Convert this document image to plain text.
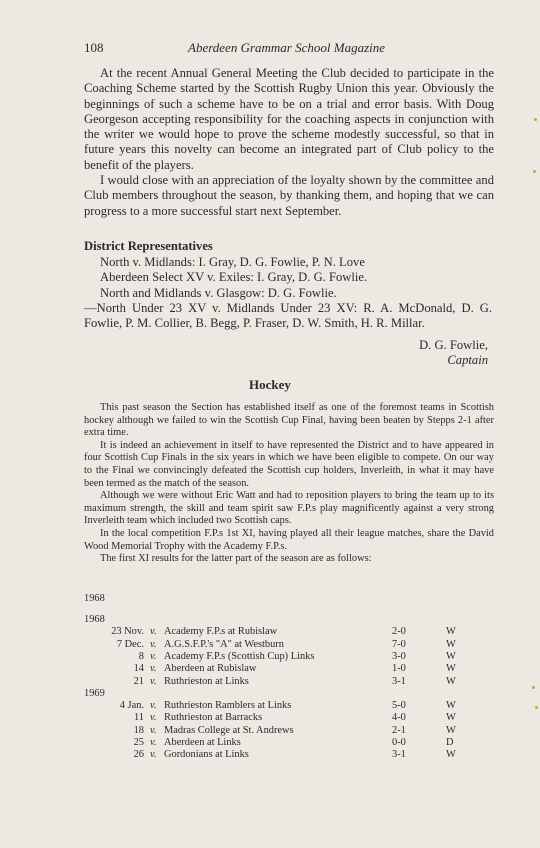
108	Aberdeen Grammar School Magazine

At the recent Annual General Meeting the Club decided to participate in the Coaching Scheme started by the Scottish Rugby Union this year. Obviously the beginnings of such a scheme have to be on a trial and error basis. With Doug Georgeson accepting responsibility for the coaching aspects in conjunction with the writer we would hope to prove the scheme modestly successful, so that in future years this novelty can become an integrated part of Club policy to the benefit of the players.

I would close with an appreciation of the loyalty shown by the committee and Club members throughout the season, by thanking them, and hoping that we can progress to a more successful start next September.

District Representatives
North v. Midlands: I. Gray, D. G. Fowlie, P. N. Love
Aberdeen Select XV v. Exiles: I. Gray, D. G. Fowlie.
North and Midlands v. Glasgow: D. G. Fowlie.
—North Under 23 XV v. Midlands Under 23 XV: R. A. McDonald, D. G. Fowlie, P. M. Collier, B. Begg, P. Fraser, D. W. Smith, H. R. Millar.
D. G. Fowlie,
Captain
Hockey

This past season the Section has established itself as one of the foremost teams in Scottish hockey although we failed to win the Scottish Cup Final, having been beaten by Stepps 2-1 after extra time.

It is indeed an achievement in itself to have represented the District and to have appeared in four Scottish Cup Finals in the six years in which we have been eligible to compete. On our way to the Final we convincingly defeated the Scottish cup holders, Inverleith, in what it may have been termed as the match of the season.

Although we were without Eric Watt and had to reposition players to bring the team up to its maximum strength, the skill and team spirit saw F.P.s play magnificently against a very strong Inverleith team which included two Scottish caps.

In the local competition F.P.s 1st XI, having played all their league matches, share the David Wood Memorial Trophy with the Academy F.P.s.

The first XI results for the latter part of the season are as follows:

1968
1968
23 Nov. v. Academy F.P.s at Rubislaw	2-0	W
7 Dec. v. A.G.S.F.P.'s "A" at Westburn	7-0	W
8 v. Academy F.P.s (Scottish Cup) Links	3-0	W
14 v. Aberdeen at Rubislaw	1-0	W
21 v. Ruthrieston at Links	3-1	W
1969
4 Jan. v. Ruthrieston Ramblers at Links	5-0	W
11 v. Ruthrieston at Barracks	4-0	W
18 v. Madras College at St. Andrews	2-1	W
25 v. Aberdeen at Links	0-0	D
26 v. Gordonians at Links	3-1	W
